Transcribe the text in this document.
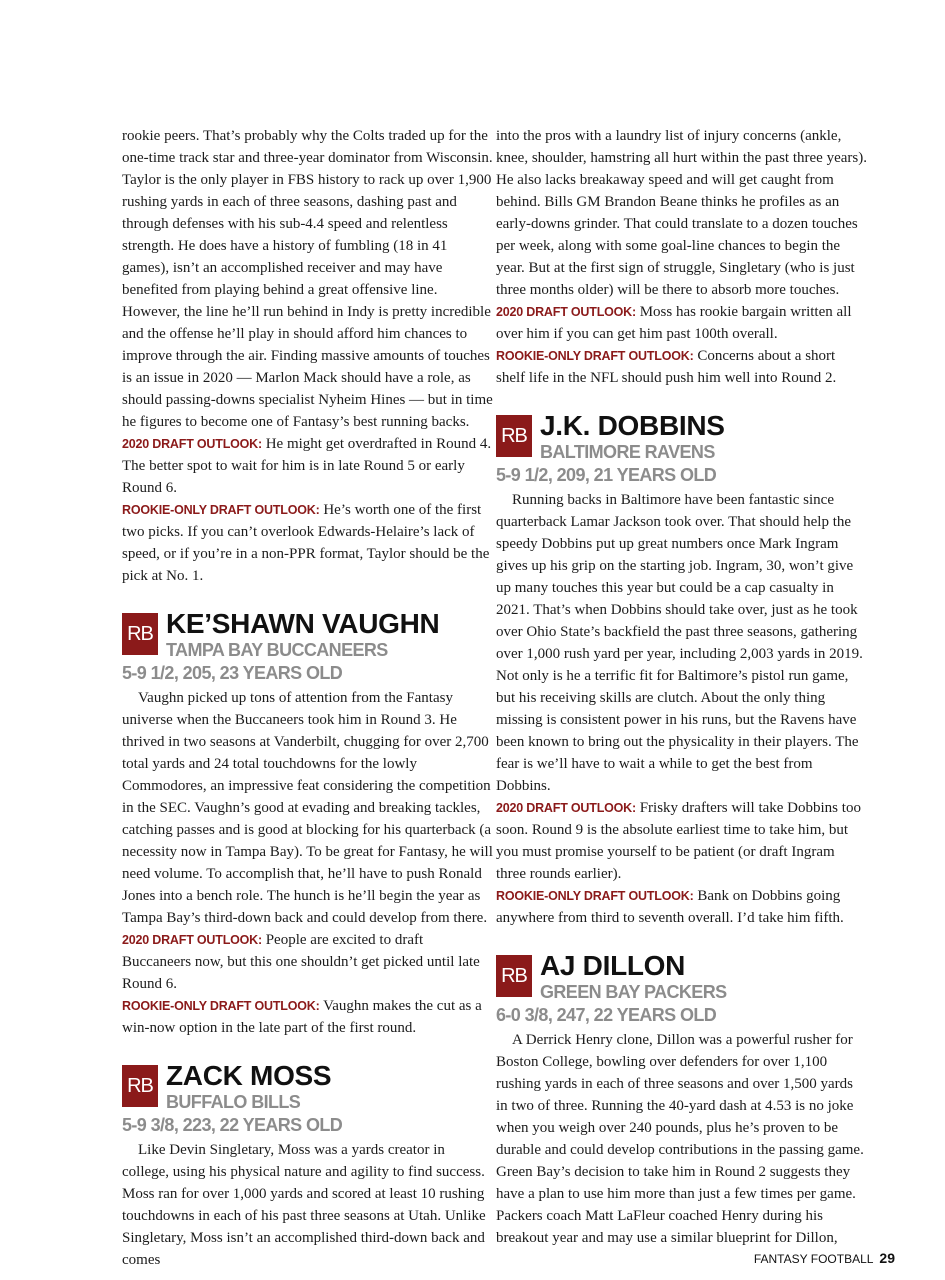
rookie peers. That’s probably why the Colts traded up for the one-time track star and three-year dominator from Wisconsin. Taylor is the only player in FBS history to rack up over 1,900 rushing yards in each of three seasons, dashing past and through defenses with his sub-4.4 speed and relentless strength. He does have a history of fumbling (18 in 41 games), isn’t an accomplished receiver and may have benefited from playing behind a great offensive line. However, the line he’ll run behind in Indy is pretty incredible and the offense he’ll play in should afford him chances to improve through the air. Finding massive amounts of touches is an issue in 2020 — Marlon Mack should have a role, as should passing-downs specialist Nyheim Hines — but in time he figures to become one of Fantasy’s best running backs.

2020 DRAFT OUTLOOK: He might get overdrafted in Round 4. The better spot to wait for him is in late Round 5 or early Round 6.

ROOKIE-ONLY DRAFT OUTLOOK: He’s worth one of the first two picks. If you can’t overlook Edwards-Helaire’s lack of speed, or if you’re in a non-PPR format, Taylor should be the pick at No. 1.

RB KE’SHAWN VAUGHN
TAMPA BAY BUCCANEERS
5-9 1/2, 205, 23 YEARS OLD

Vaughn picked up tons of attention from the Fantasy universe when the Buccaneers took him in Round 3. He thrived in two seasons at Vanderbilt, chugging for over 2,700 total yards and 24 total touchdowns for the lowly Commodores, an impressive feat considering the competition in the SEC. Vaughn’s good at evading and breaking tackles, catching passes and is good at blocking for his quarterback (a necessity now in Tampa Bay). To be great for Fantasy, he will need volume. To accomplish that, he’ll have to push Ronald Jones into a bench role. The hunch is he’ll begin the year as Tampa Bay’s third-down back and could develop from there.

2020 DRAFT OUTLOOK: People are excited to draft Buccaneers now, but this one shouldn’t get picked until late Round 6.

ROOKIE-ONLY DRAFT OUTLOOK: Vaughn makes the cut as a win-now option in the late part of the first round.

RB ZACK MOSS
BUFFALO BILLS
5-9 3/8, 223, 22 YEARS OLD

Like Devin Singletary, Moss was a yards creator in college, using his physical nature and agility to find success. Moss ran for over 1,000 yards and scored at least 10 rushing touchdowns in each of his past three seasons at Utah. Unlike Singletary, Moss isn’t an accomplished third-down back and comes

into the pros with a laundry list of injury concerns (ankle, knee, shoulder, hamstring all hurt within the past three years). He also lacks breakaway speed and will get caught from behind. Bills GM Brandon Beane thinks he profiles as an early-downs grinder. That could translate to a dozen touches per week, along with some goal-line chances to begin the year. But at the first sign of struggle, Singletary (who is just three months older) will be there to absorb more touches.

2020 DRAFT OUTLOOK: Moss has rookie bargain written all over him if you can get him past 100th overall.

ROOKIE-ONLY DRAFT OUTLOOK: Concerns about a short shelf life in the NFL should push him well into Round 2.

RB J.K. DOBBINS
BALTIMORE RAVENS
5-9 1/2, 209, 21 YEARS OLD

Running backs in Baltimore have been fantastic since quarterback Lamar Jackson took over. That should help the speedy Dobbins put up great numbers once Mark Ingram gives up his grip on the starting job. Ingram, 30, won’t give up many touches this year but could be a cap casualty in 2021. That’s when Dobbins should take over, just as he took over Ohio State’s backfield the past three seasons, gathering over 1,000 rush yard per year, including 2,003 yards in 2019. Not only is he a terrific fit for Baltimore’s pistol run game, but his receiving skills are clutch. About the only thing missing is consistent power in his runs, but the Ravens have been known to bring out the physicality in their players. The fear is we’ll have to wait a while to get the best from Dobbins.

2020 DRAFT OUTLOOK: Frisky drafters will take Dobbins too soon. Round 9 is the absolute earliest time to take him, but you must promise yourself to be patient (or draft Ingram three rounds earlier).

ROOKIE-ONLY DRAFT OUTLOOK: Bank on Dobbins going anywhere from third to seventh overall. I’d take him fifth.

RB AJ DILLON
GREEN BAY PACKERS
6-0 3/8, 247, 22 YEARS OLD

A Derrick Henry clone, Dillon was a powerful rusher for Boston College, bowling over defenders for over 1,100 rushing yards in each of three seasons and over 1,500 yards in two of three. Running the 40-yard dash at 4.53 is no joke when you weigh over 240 pounds, plus he’s proven to be durable and could develop contributions in the passing game. Green Bay’s decision to take him in Round 2 suggests they have a plan to use him more than just a few times per game. Packers coach Matt LaFleur coached Henry during his breakout year and may use a similar blueprint for Dillon,

FANTASY FOOTBALL 29
